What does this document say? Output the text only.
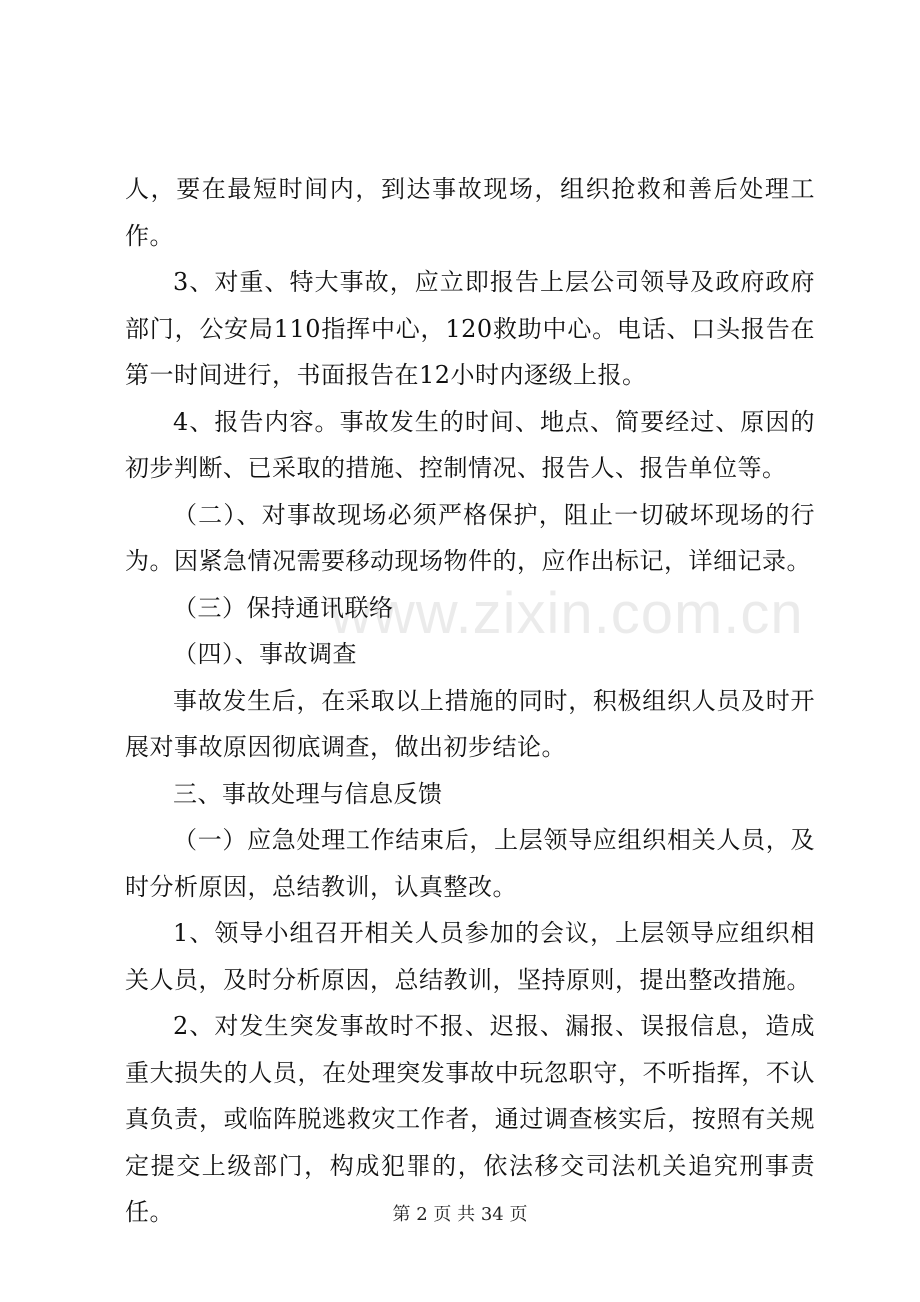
人，要在最短时间内，到达事故现场，组织抢救和善后处理工作。

3、对重、特大事故，应立即报告上层公司领导及政府政府部门，公安局110指挥中心，120救助中心。电话、口头报告在第一时间进行，书面报告在12小时内逐级上报。

4、报告内容。事故发生的时间、地点、简要经过、原因的初步判断、已采取的措施、控制情况、报告人、报告单位等。

（二）、对事故现场必须严格保护，阻止一切破坏现场的行为。因紧急情况需要移动现场物件的，应作出标记，详细记录。

（三）保持通讯联络

（四）、事故调查

事故发生后，在采取以上措施的同时，积极组织人员及时开展对事故原因彻底调查，做出初步结论。

三、事故处理与信息反馈

（一）应急处理工作结束后，上层领导应组织相关人员，及时分析原因，总结教训，认真整改。

1、领导小组召开相关人员参加的会议，上层领导应组织相关人员，及时分析原因，总结教训，坚持原则，提出整改措施。

2、对发生突发事故时不报、迟报、漏报、误报信息，造成重大损失的人员，在处理突发事故中玩忽职守，不听指挥，不认真负责，或临阵脱逃救灾工作者，通过调查核实后，按照有关规定提交上级部门，构成犯罪的，依法移交司法机关追究刑事责任。

www.zixin.com.cn
第 2 页 共 34 页
